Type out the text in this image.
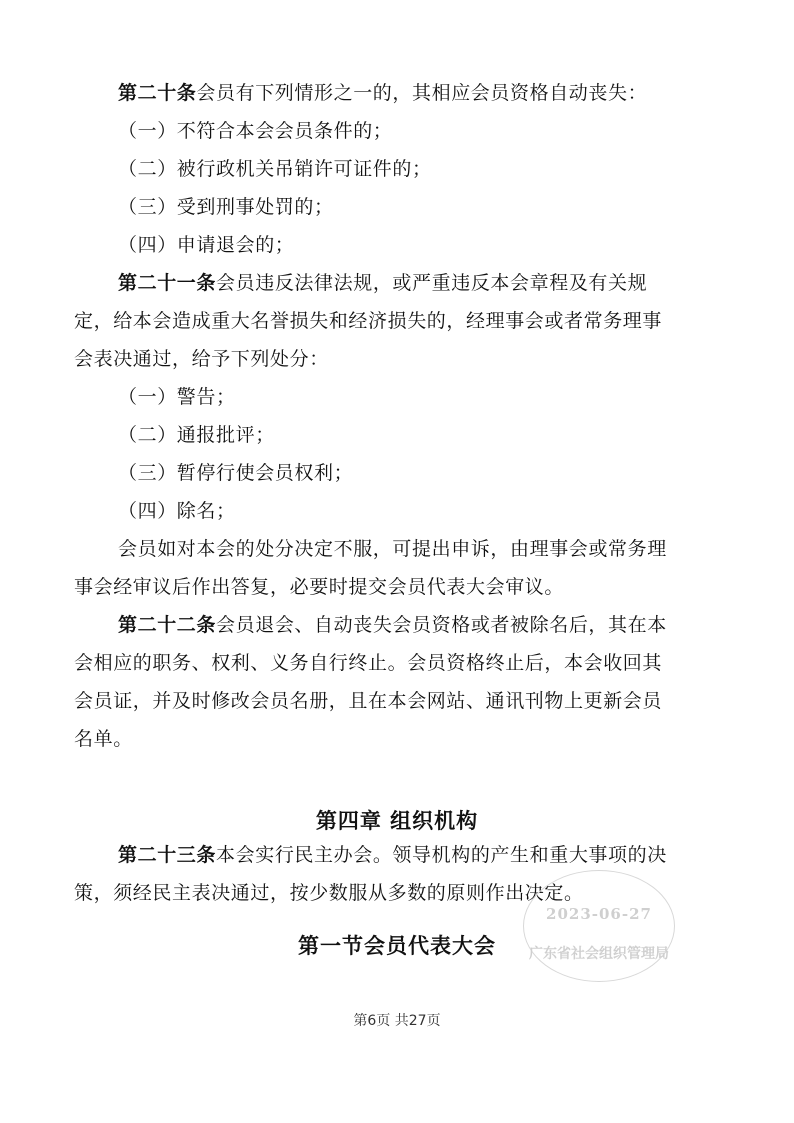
第二十条会员有下列情形之一的，其相应会员资格自动丧失：
（一）不符合本会会员条件的；
（二）被行政机关吊销许可证件的；
（三）受到刑事处罚的；
（四）申请退会的；
第二十一条会员违反法律法规，或严重违反本会章程及有关规
定，给本会造成重大名誉损失和经济损失的，经理事会或者常务理事
会表决通过，给予下列处分：
（一）警告；
（二）通报批评；
（三）暂停行使会员权利；
（四）除名；
会员如对本会的处分决定不服，可提出申诉，由理事会或常务理
事会经审议后作出答复，必要时提交会员代表大会审议。
第二十二条会员退会、自动丧失会员资格或者被除名后，其在本
会相应的职务、权利、义务自行终止。会员资格终止后，本会收回其
会员证，并及时修改会员名册，且在本会网站、通讯刊物上更新会员
名单。
第四章 组织机构
第二十三条本会实行民主办会。领导机构的产生和重大事项的决
策，须经民主表决通过，按少数服从多数的原则作出决定。
2023-06-27
广东省社会组织管理局
第一节会员代表大会
第6页 共27页
